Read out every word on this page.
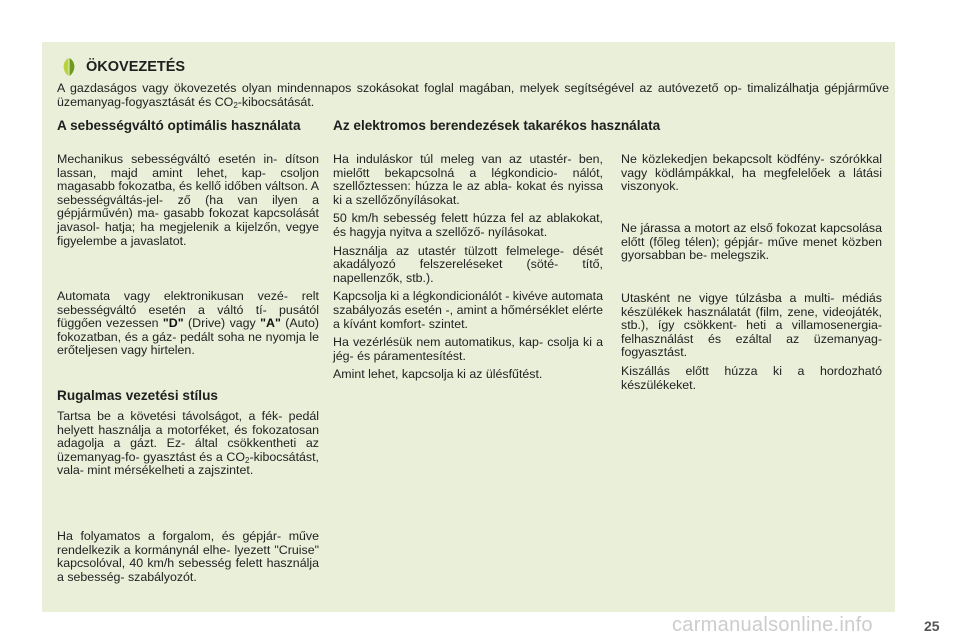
ÖKOVEZETÉS
A gazdaságos vagy ökovezetés olyan mindennapos szokásokat foglal magában, melyek segítségével az autóvezető op- timalizálhatja gépjárműve üzemanyag-fogyasztását és $CO_2$-kibocsátását.
A sebességváltó optimális használata

Mechanikus sebességváltó esetén in- dítson lassan, majd amint lehet, kap- csoljon magasabb fokozatba, és kellő időben váltson. A sebességváltás-jel- ző (ha van ilyen a gépjárművén) ma- gasabb fokozat kapcsolását javasol- hatja; ha megjelenik a kijelzőn, vegye figyelembe a javaslatot.

Automata vagy elektronikusan vezé- relt sebességváltó esetén a váltó tí- pusától függően vezessen "D" (Drive) vagy "A" (Auto) fokozatban, és a gáz- pedált soha ne nyomja le erőteljesen vagy hirtelen.

Rugalmas vezetési stílus

Tartsa be a követési távolságot, a fék- pedál helyett használja a motorféket, és fokozatosan adagolja a gázt. Ez- által csökkentheti az üzemanyag-fo- gyasztást és a $CO_2$-kibocsátást, vala- mint mérsékelheti a zajszintet.

Ha folyamatos a forgalom, és gépjár- műve rendelkezik a kormánynál elhe- lyezett "Cruise" kapcsolóval, 40 km/h sebesség felett használja a sebesség- szabályozót.

Az elektromos berendezések takarékos használata

Ha induláskor túl meleg van az utastér- ben, mielőtt bekapcsolná a légkondicio- nálót, szellőztessen: húzza le az abla- kokat és nyissa ki a szellőzőnyílásokat.

50 km/h sebesség felett húzza fel az ablakokat, és hagyja nyitva a szellőző- nyílásokat.

Használja az utastér tülzott felmelege- dését akadályozó felszereléseket (söté- títő, napellenzők, stb.).

Kapcsolja ki a légkondicionálót - kivéve automata szabályozás esetén -, amint a hőmérséklet elérte a kívánt komfort- szintet.

Ha vezérlésük nem automatikus, kap- csolja ki a jég- és páramentesítést.

Amint lehet, kapcsolja ki az ülésfűtést.

Ne közlekedjen bekapcsolt ködfény- szórókkal vagy ködlámpákkal, ha megfelelőek a látási viszonyok.

Ne járassa a motort az első fokozat kapcsolása előtt (főleg télen); gépjár- műve menet közben gyorsabban be- melegszik.

Utasként ne vigye túlzásba a multi- médiás készülékek használatát (film, zene, videojáték, stb.), így csökkent- heti a villamosenergia-felhasználást és ezáltal az üzemanyag-fogyasztást.

Kiszállás előtt húzza ki a hordozható készülékeket.

carmanualsonline.info	25
